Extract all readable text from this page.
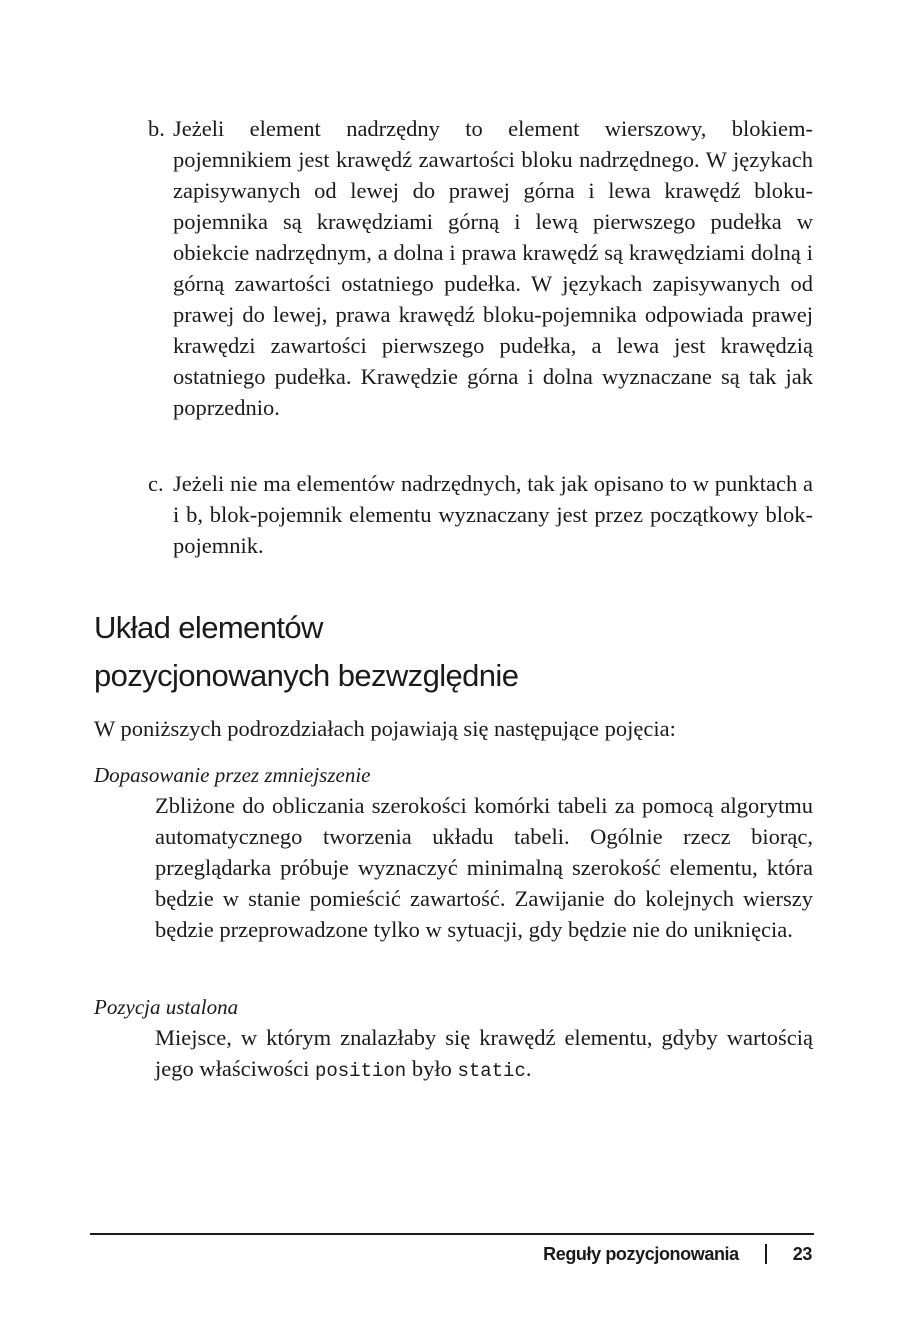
b. Jeżeli element nadrzędny to element wierszowy, blokiem-pojemnikiem jest krawędź zawartości bloku nadrzędnego. W językach zapisywanych od lewej do prawej górna i lewa krawędź bloku-pojemnika są krawędziami górną i lewą pierwszego pudełka w obiekcie nadrzędnym, a dolna i prawa krawędź są krawędziami dolną i górną zawartości ostatniego pudełka. W językach zapisywanych od prawej do lewej, prawa krawędź bloku-pojemnika odpowiada prawej krawędzi zawartości pierwszego pudełka, a lewa jest krawędzią ostatniego pudełka. Krawędzie górna i dolna wyznaczane są tak jak poprzednio.
c. Jeżeli nie ma elementów nadrzędnych, tak jak opisano to w punktach a i b, blok-pojemnik elementu wyznaczany jest przez początkowy blok-pojemnik.
Układ elementów
pozycjonowanych bezwzględnie
W poniższych podrozdziałach pojawiają się następujące pojęcia:
Dopasowanie przez zmniejszenie
Zbliżone do obliczania szerokości komórki tabeli za pomocą algorytmu automatycznego tworzenia układu tabeli. Ogólnie rzecz biorąc, przeglądarka próbuje wyznaczyć minimalną szerokość elementu, która będzie w stanie pomieścić zawartość. Zawijanie do kolejnych wierszy będzie przeprowadzone tylko w sytuacji, gdy będzie nie do uniknięcia.
Pozycja ustalona
Miejsce, w którym znalazłaby się krawędź elementu, gdyby wartością jego właściwości position było static.
Reguły pozycjonowania	23
